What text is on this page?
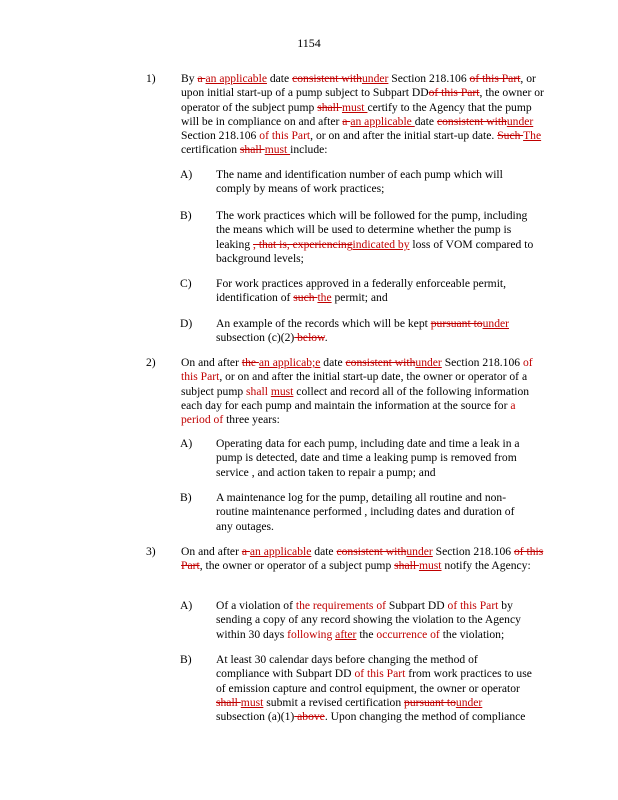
1154
1) By a an applicable date consistent withunder Section 218.106 of this Part, or upon initial start-up of a pump subject to Subpart DDof this Part, the owner or operator of the subject pump shall must certify to the Agency that the pump will be in compliance on and after a an applicable date consistent withunder Section 218.106 of this Part, or on and after the initial start-up date. Such The certification shall must include:
A) The name and identification number of each pump which will comply by means of work practices;
B) The work practices which will be followed for the pump, including the means which will be used to determine whether the pump is leaking , that is, experiencingindicated by loss of VOM compared to background levels;
C) For work practices approved in a federally enforceable permit, identification of such the permit; and
D) An example of the records which will be kept pursuant tounder subsection (c)(2) below.
2) On and after the an applicab;e date consistent withunder Section 218.106 of this Part, or on and after the initial start-up date, the owner or operator of a subject pump shall must collect and record all of the following information each day for each pump and maintain the information at the source for a period of three years:
A) Operating data for each pump, including date and time a leak in a pump is detected, date and time a leaking pump is removed from service , and action taken to repair a pump; and
B) A maintenance log for the pump, detailing all routine and non-routine maintenance performed , including dates and duration of any outages.
3) On and after a an applicable date consistent withunder Section 218.106 of this Part, the owner or operator of a subject pump shall must notify the Agency:
A) Of a violation of the requirements of Subpart DD of this Part by sending a copy of any record showing the violation to the Agency within 30 days following after the occurrence of the violation;
B) At least 30 calendar days before changing the method of compliance with Subpart DD of this Part from work practices to use of emission capture and control equipment, the owner or operator shall must submit a revised certification pursuant tounder subsection (a)(1) above. Upon changing the method of compliance
